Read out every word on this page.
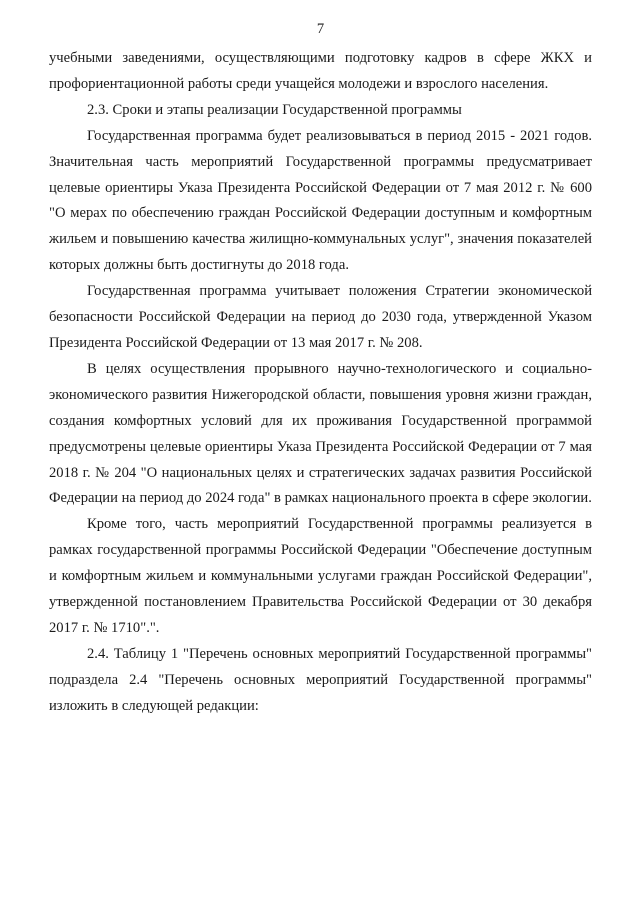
7

учебными заведениями, осуществляющими подготовку кадров в сфере ЖКХ и профориентационной работы среди учащейся молодежи и взрослого населения.

2.3. Сроки и этапы реализации Государственной программы

Государственная программа будет реализовываться в период 2015 - 2021 годов. Значительная часть мероприятий Государственной программы предусматривает целевые ориентиры Указа Президента Российской Федерации от 7 мая 2012 г. № 600 "О мерах по обеспечению граждан Российской Федерации доступным и комфортным жильем и повышению качества жилищно-коммунальных услуг", значения показателей которых должны быть достигнуты до 2018 года.

Государственная программа учитывает положения Стратегии экономической безопасности Российской Федерации на период до 2030 года, утвержденной Указом Президента Российской Федерации от 13 мая 2017 г. № 208.

В целях осуществления прорывного научно-технологического и социально-экономического развития Нижегородской области, повышения уровня жизни граждан, создания комфортных условий для их проживания Государственной программой предусмотрены целевые ориентиры Указа Президента Российской Федерации от 7 мая 2018 г. № 204 "О национальных целях и стратегических задачах развития Российской Федерации на период до 2024 года" в рамках национального проекта в сфере экологии.

Кроме того, часть мероприятий Государственной программы реализуется в рамках государственной программы Российской Федерации "Обеспечение доступным и комфортным жильем и коммунальными услугами граждан Российской Федерации", утвержденной постановлением Правительства Российской Федерации от 30 декабря 2017 г. № 1710".".

2.4. Таблицу 1 "Перечень основных мероприятий Государственной программы" подраздела 2.4 "Перечень основных мероприятий Государственной программы" изложить в следующей редакции:
